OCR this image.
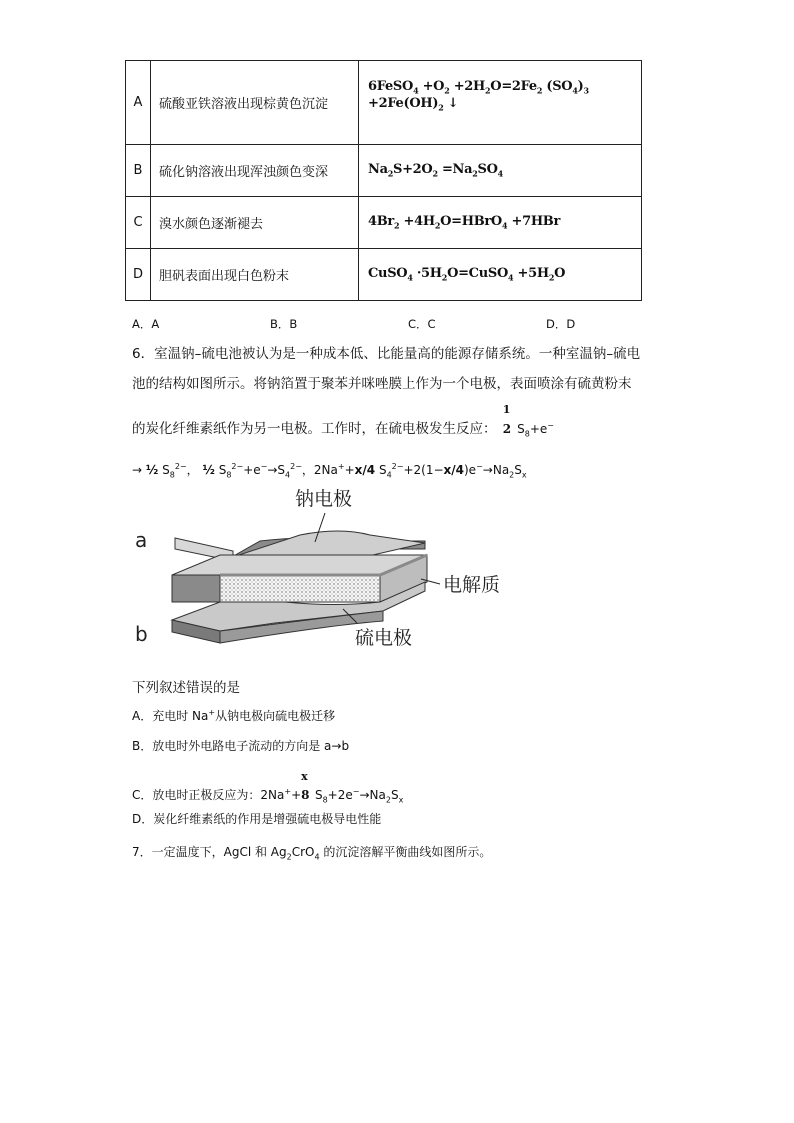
A	硫酸亚铁溶液出现棕黄色沉淀	6FeSO$_4$ $+O_2 +2H_2O=2Fe_2$ $(SO_4)_3 +2Fe(OH)_2$ ↓
B	硫化钠溶液出现浑浊颜色变深	$Na_2S+2O_2 =Na_2SO_4$
C	溴水颜色逐渐褪去	$4Br_2$ $+4H_2O=HBrO_4 +7HBr$
D	胆矾表面出现白色粉末	CuSO$_4$ $\cdot 5H_2O=CuSO_4 +5H_2O$
A．A	B．B	C．C	D．D
6．室温钠–硫电池被认为是一种成本低、比能量高的能源存储系统。一种室温钠–硫电
池的结构如图所示。将钠箔置于聚苯并咪唑膜上作为一个电极，表面喷涂有硫黄粉末
的炭化纤维素纸作为另一电极。工作时，在硫电极发生反应：
1
2 $S_8+e^-$
→ ½ $S_8^{2-}$， ½ $S_8^{2-}+e^-\to S_4^{2-}$，2Na++x/4 $S_4^{2-}+2(1-x/4)e^-\to Na_2S_x$
钠电极
电解质
硫电极
a
b
下列叙述错误的是
A．充电时 Na+从钠电极向硫电极迁移
B．放电时外电路电子流动的方向是 a→b
C．放电时正极反应为：2Na++
x
8 $S_8+2e^-\to Na_2S_x$
D．炭化纤维素纸的作用是增强硫电极导电性能
7．一定温度下，AgCl 和 $Ag_2CrO_4$ 的沉淀溶解平衡曲线如图所示。
